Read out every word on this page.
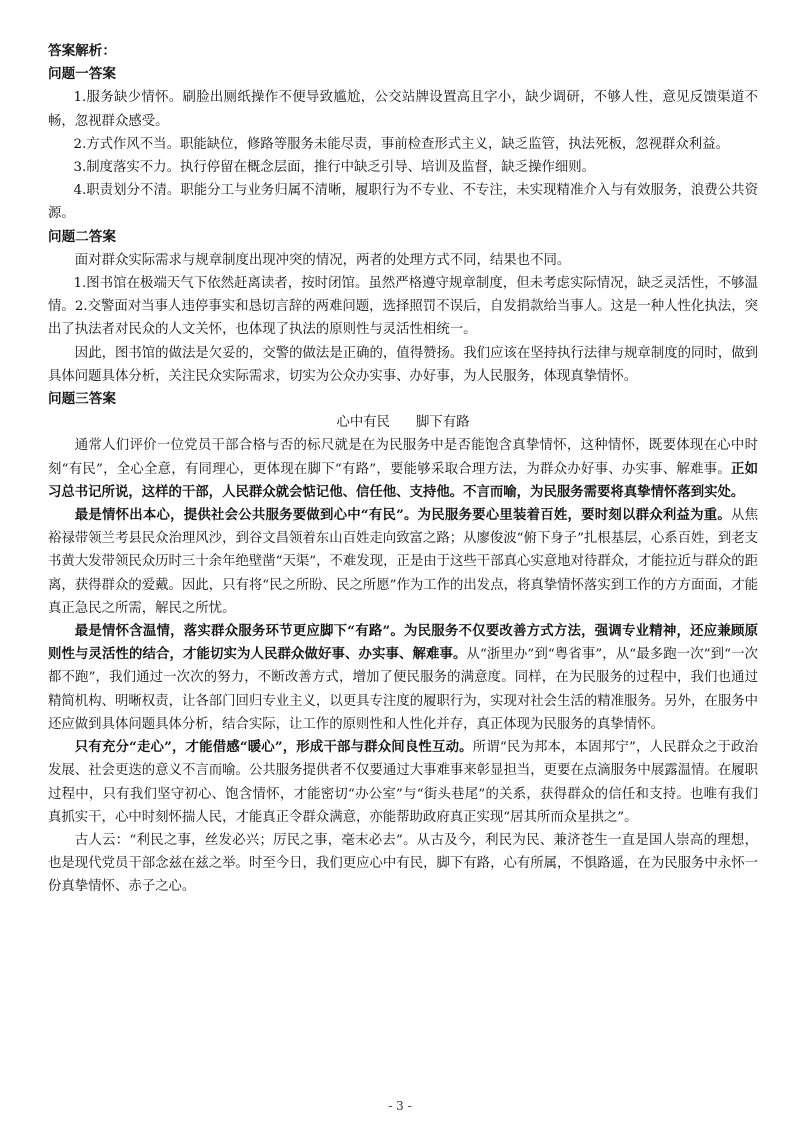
答案解析：

问题一答案

1.服务缺少情怀。刷脸出厕纸操作不便导致尴尬，公交站牌设置高且字小，缺少调研，不够人性，意见反馈渠道不畅，忽视群众感受。

2.方式作风不当。职能缺位，修路等服务未能尽责，事前检查形式主义，缺乏监管，执法死板，忽视群众利益。

3.制度落实不力。执行停留在概念层面，推行中缺乏引导、培训及监督，缺乏操作细则。

4.职责划分不清。职能分工与业务归属不清晰，履职行为不专业、不专注，未实现精准介入与有效服务，浪费公共资源。

问题二答案

面对群众实际需求与规章制度出现冲突的情况，两者的处理方式不同，结果也不同。

1.图书馆在极端天气下依然赶离读者，按时闭馆。虽然严格遵守规章制度，但未考虑实际情况，缺乏灵活性，不够温情。2.交警面对当事人违停事实和恳切言辞的两难问题，选择照罚不误后，自发捐款给当事人。这是一种人性化执法，突出了执法者对民众的人文关怀，也体现了执法的原则性与灵活性相统一。

因此，图书馆的做法是欠妥的，交警的做法是正确的，值得赞扬。我们应该在坚持执行法律与规章制度的同时，做到具体问题具体分析，关注民众实际需求，切实为公众办实事、办好事，为人民服务，体现真挚情怀。

问题三答案

心中有民 脚下有路

通常人们评价一位党员干部合格与否的标尺就是在为民服务中是否能饱含真挚情怀，这种情怀，既要体现在心中时刻“有民”，全心全意，有同理心，更体现在脚下“有路”，要能够采取合理方法，为群众办好事、办实事、解难事。正如习总书记所说，这样的干部，人民群众就会惦记他、信任他、支持他。不言而喻，为民服务需要将真挚情怀落到实处。

最是情怀出本心，提供社会公共服务要做到心中“有民”。为民服务要心里装着百姓，要时刻以群众利益为重。从焦裕禄带领兰考县民众治理风沙，到谷文昌领着东山百姓走向致富之路；从廖俊波“俯下身子”扎根基层，心系百姓，到老支书黄大发带领民众历时三十余年绝壁凿“天渠”，不难发现，正是由于这些干部真心实意地对待群众，才能拉近与群众的距离，获得群众的爱戴。因此，只有将“民之所盼、民之所愿”作为工作的出发点，将真挚情怀落实到工作的方方面面，才能真正急民之所需，解民之所忧。

最是情怀含温情，落实群众服务环节更应脚下“有路”。为民服务不仅要改善方式方法，强调专业精神，还应兼顾原则性与灵活性的结合，才能切实为人民群众做好事、办实事、解难事。从“浙里办”到“粤省事”，从“最多跑一次”到“一次都不跑”，我们通过一次次的努力，不断改善方式，增加了便民服务的满意度。同样，在为民服务的过程中，我们也通过精简机构、明晰权责，让各部门回归专业主义，以更具专注度的履职行为，实现对社会生活的精准服务。另外，在服务中还应做到具体问题具体分析，结合实际，让工作的原则性和人性化并存，真正体现为民服务的真挚情怀。

只有充分“走心”，才能借感“暖心”，形成干部与群众间良性互动。所谓“民为邦本，本固邦宁”，人民群众之于政治发展、社会更迭的意义不言而喻。公共服务提供者不仅要通过大事难事来彰显担当，更要在点滴服务中展露温情。在履职过程中，只有我们坚守初心、饱含情怀，才能密切“办公室”与“街头巷尾”的关系，获得群众的信任和支持。也唯有我们真抓实干，心中时刻怀揣人民，才能真正令群众满意，亦能帮助政府真正实现“居其所而众星拱之”。

古人云：“利民之事，丝发必兴；厉民之事，毫末必去”。从古及今，利民为民、兼济苍生一直是国人崇高的理想，也是现代党员干部念兹在兹之举。时至今日，我们更应心中有民，脚下有路，心有所属，不惧路遥，在为民服务中永怀一份真挚情怀、赤子之心。

- 3 -
